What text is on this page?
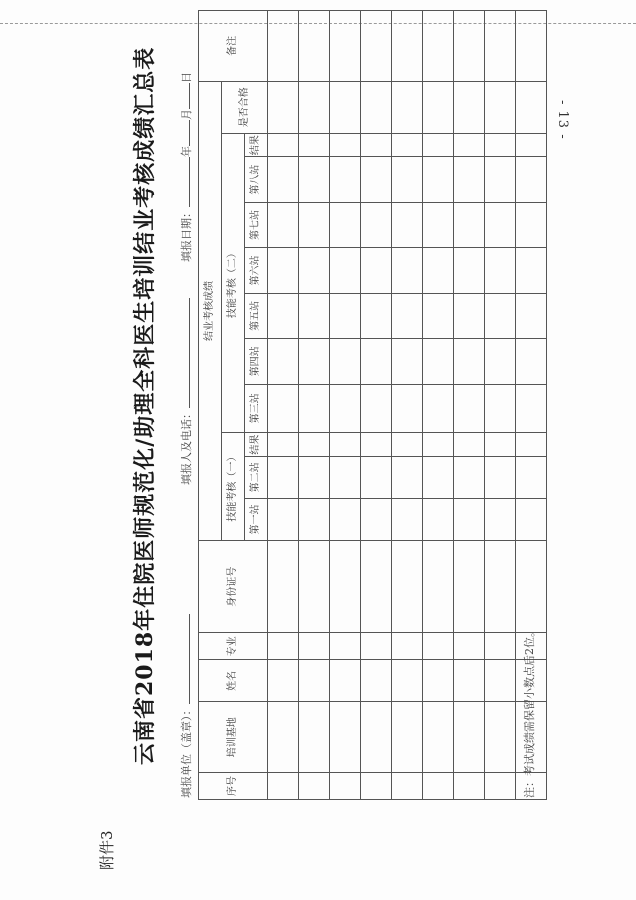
- 13 -
附件3
云南省2018年住院医师规范化/助理全科医生培训结业考核成绩汇总表 填报单位（盖章）：
填报人及电话：
填报日期：年月日
序号	培训基地	姓名	专业	身份证号	结业考核成绩											备注
					技能考核（一）			技能考核（二）							是否合格	
					第一站	第二站	结果	第三站	第四站	第五站	第六站	第七站	第八站	结果		

注：考试成绩需保留小数点后2位。
